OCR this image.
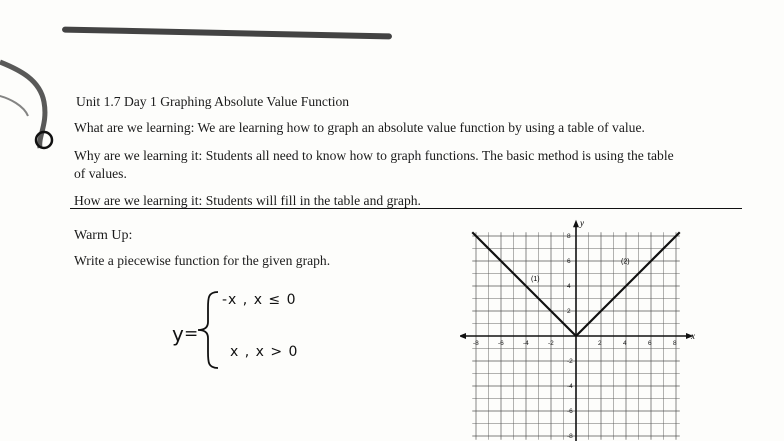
Unit 1.7 Day 1 Graphing Absolute Value Function
What are we learning: We are learning how to graph an absolute value function by using a table of value.
Why are we learning it: Students all need to know how to graph functions. The basic method is using the table
of values.
How are we learning it: Students will fill in the table and graph.
Warm Up:
Write a piecewise function for the given graph.
y =
-x , x ≤ 0
x , x > 0
-8	-6	-4	-2	2	4	6	8
8
6
4
2
-2
-4
-6
-8
x
y
(1)
(2)
